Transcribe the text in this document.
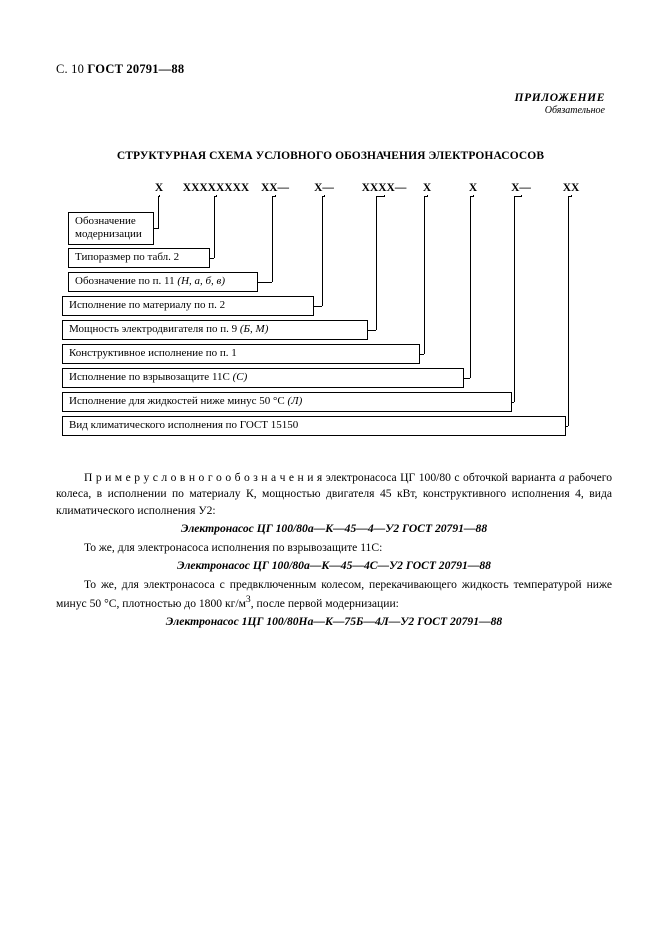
С. 10 ГОСТ 20791—88
ПРИЛОЖЕНИЕ
Обязательное
СТРУКТУРНАЯ СХЕМА УСЛОВНОГО ОБОЗНАЧЕНИЯ ЭЛЕКТРОНАСОСОВ
Х	ХХХХХХХХ	ХХ— Х— ХХХХ—	Х	Х	Х—	ХХ
Обозначение
модернизации
Типоразмер по табл. 2
Обозначение по п. 11 (Н, а, б, в)
Исполнение по материалу по п. 2
Мощность электродвигателя по п. 9 (Б, М)
Конструктивное исполнение по п. 1
Исполнение по взрывозащите 11С (С)
Исполнение для жидкостей ниже минус 50 °С (Л)
Вид климатического исполнения по ГОСТ 15150
П р и м е р у с л о в н о г о о б о з н а ч е н и я электронасоса ЦГ 100/80 с обточкой варианта а рабочего колеса, в исполнении по материалу К, мощностью двигателя 45 кВт, конструктивного исполнения 4, вида климатического исполнения У2:
Электронасос ЦГ 100/80а—К—45—4—У2 ГОСТ 20791—88
То же, для электронасоса исполнения по взрывозащите 11С:
Электронасос ЦГ 100/80а—К—45—4С—У2 ГОСТ 20791—88
То же, для электронасоса с предвключенным колесом, перекачивающего жидкость температурой ниже минус 50 °С, плотностью до 1800 $кг/м^3$, после первой модернизации:
Электронасос 1ЦГ 100/80На—К—75Б—4Л—У2 ГОСТ 20791—88
